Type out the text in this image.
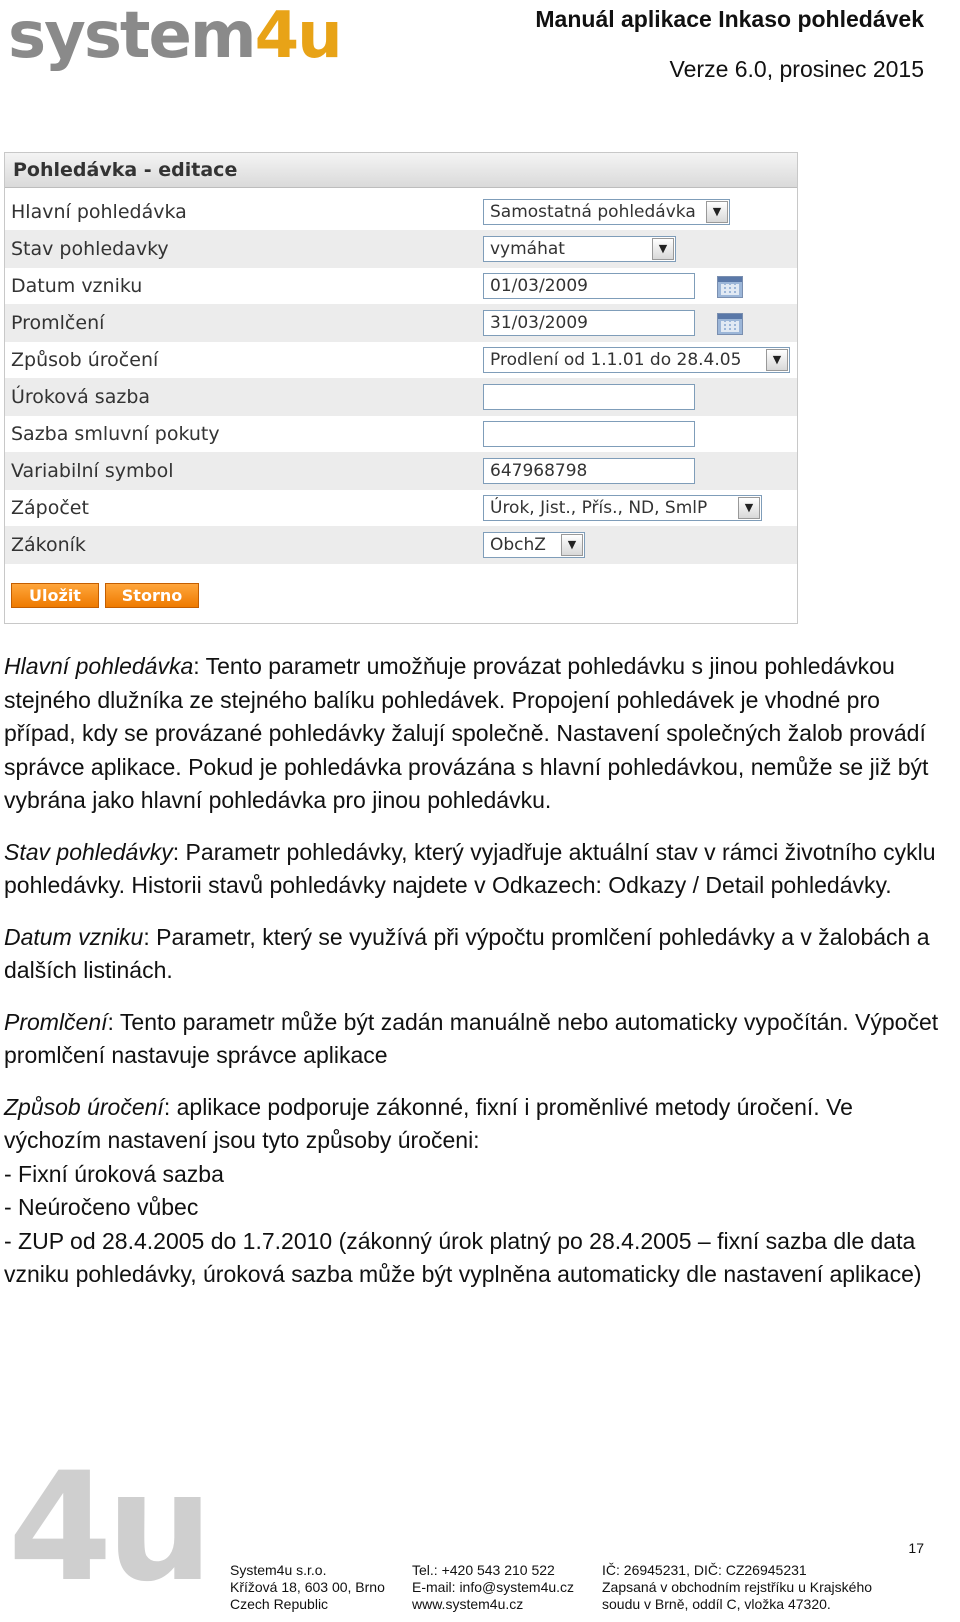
system4u	Manuál aplikace Inkaso pohledávek
Verze 6.0, prosinec 2015
Pohledávka - editace
Hlavní pohledávka	Samostatná pohledávka	▼
Stav pohledavky	vymáhat	▼
Datum vzniku	01/03/2009
Promlčení	31/03/2009
Způsob úročení	Prodlení od 1.1.01 do 28.4.05	▼
Úroková sazba
Sazba smluvní pokuty
Variabilní symbol	647968798
Zápočet	Úrok, Jist., Přís., ND, SmlP	▼
Zákoník	ObchZ	▼
Uložit	Storno

Hlavní pohledávka: Tento parametr umožňuje provázat pohledávku s jinou pohledávkou stejného dlužníka ze stejného balíku pohledávek. Propojení pohledávek je vhodné pro případ, kdy se provázané pohledávky žalují společně. Nastavení společných žalob provádí správce aplikace. Pokud je pohledávka provázána s hlavní pohledávkou, nemůže se již být vybrána jako hlavní pohledávka pro jinou pohledávku.

Stav pohledávky: Parametr pohledávky, který vyjadřuje aktuální stav v rámci životního cyklu pohledávky. Historii stavů pohledávky najdete v Odkazech: Odkazy / Detail pohledávky.

Datum vzniku: Parametr, který se využívá při výpočtu promlčení pohledávky a v žalobách a dalších listinách.

Promlčení: Tento parametr může být zadán manuálně nebo automaticky vypočítán. Výpočet promlčení nastavuje správce aplikace

Způsob úročení: aplikace podporuje zákonné, fixní i proměnlivé metody úročení. Ve výchozím nastavení jsou tyto způsoby úročeni:
- Fixní úroková sazba
- Neúročeno vůbec
- ZUP od 28.4.2005 do 1.7.2010 (zákonný úrok platný po 28.4.2005 – fixní sazba dle data vzniku pohledávky, úroková sazba může být vyplněna automaticky dle nastavení aplikace)

4u	17
System4u s.r.o.
Křížová 18, 603 00, Brno
Czech Republic
Tel.: +420 543 210 522
E-mail: info@system4u.cz
www.system4u.cz
IČ: 26945231, DIČ: CZ26945231
Zapsaná v obchodním rejstříku u Krajského
soudu v Brně, oddíl C, vložka 47320.
